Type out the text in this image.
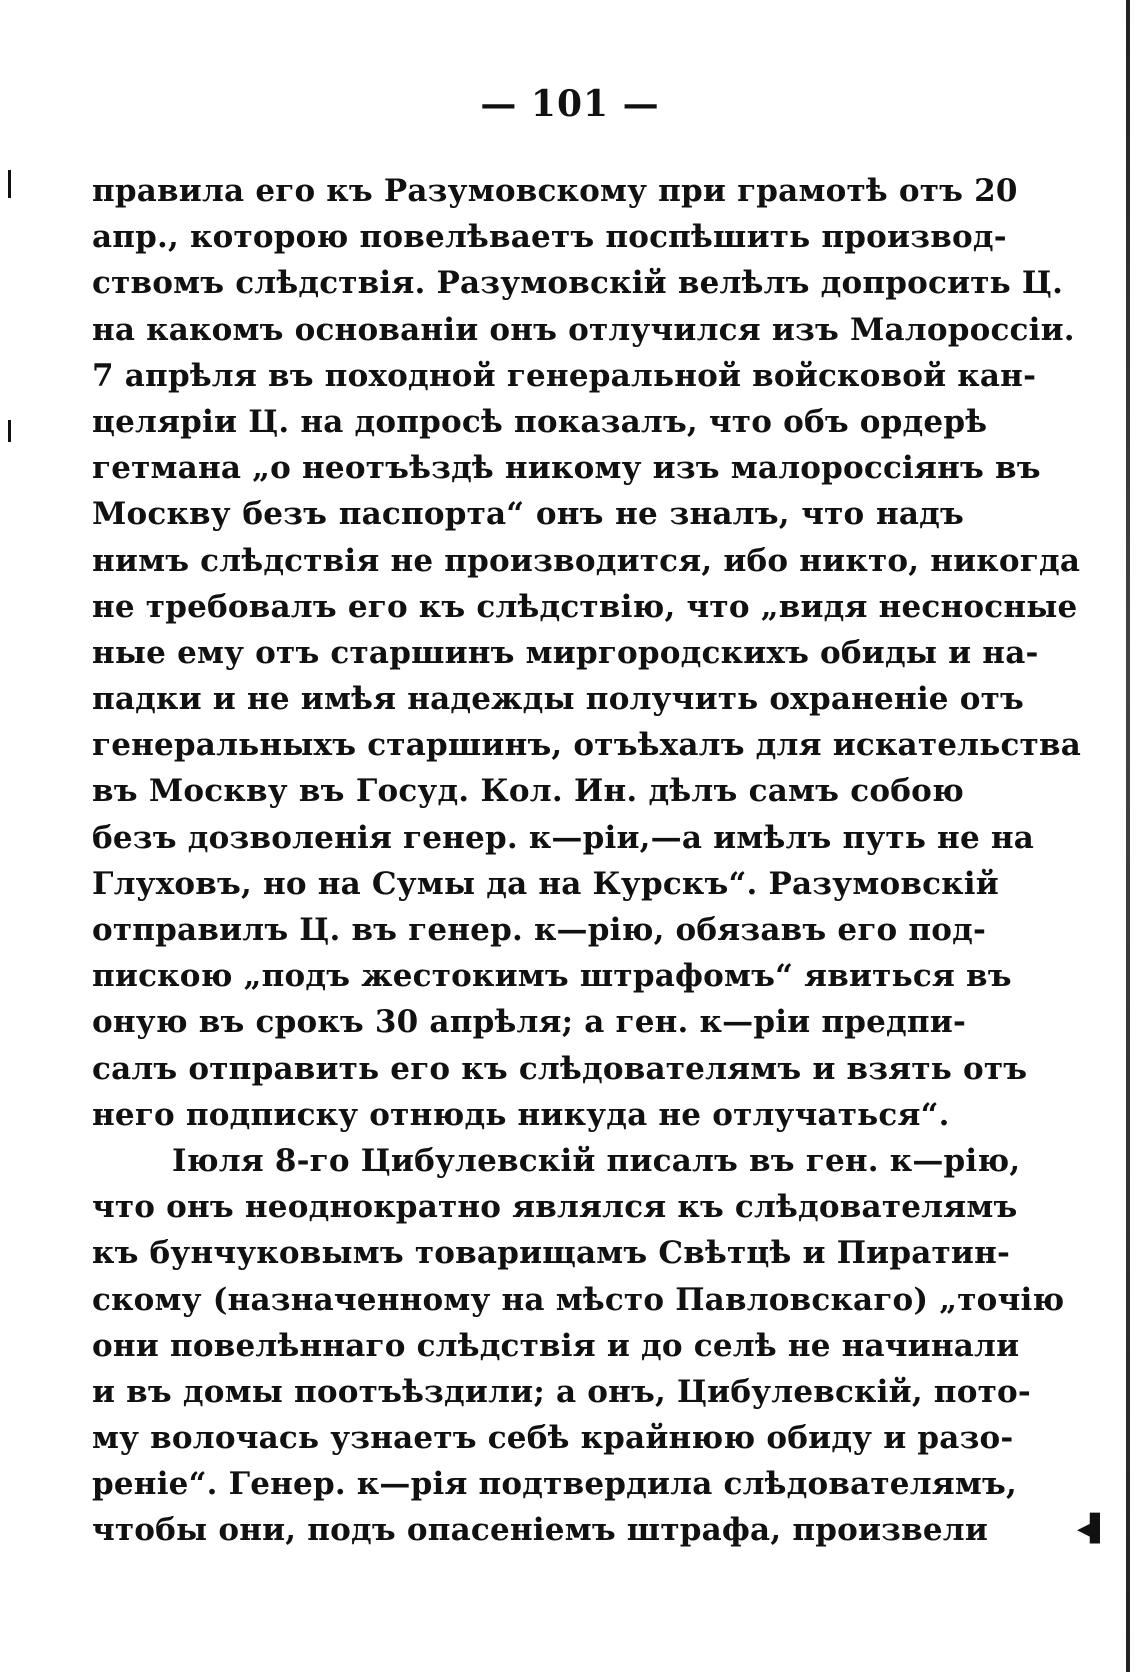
◂▌
— 101 —
правила его къ Разумовскому при грамотѣ отъ 20
апр., которою повелѣваетъ поспѣшить производ-
ствомъ слѣдствія. Разумовскій велѣлъ допросить Ц.
на какомъ основаніи онъ отлучился изъ Малороссіи.
7 апрѣля въ походной генеральной войсковой кан-
целяріи Ц. на допросѣ показалъ, что объ ордерѣ
гетмана „о неотъѣздѣ никому изъ малороссіянъ въ
Москву безъ паспорта“ онъ не зналъ, что надъ
нимъ слѣдствія не производится, ибо никто, никогда
не требовалъ его къ слѣдствію, что „видя несносные
ные ему отъ старшинъ миргородскихъ обиды и на-
падки и не имѣя надежды получить охраненіе отъ
генеральныхъ старшинъ, отъѣхалъ для искательства
въ Москву въ Госуд. Кол. Ин. дѣлъ самъ собою
безъ дозволенія генер. к—ріи,—а имѣлъ путь не на
Глуховъ, но на Сумы да на Курскъ“. Разумовскій
отправилъ Ц. въ генер. к—рію, обязавъ его под-
пискою „подъ жестокимъ штрафомъ“ явиться въ
оную въ срокъ 30 апрѣля; а ген. к—ріи предпи-
салъ отправить его къ слѣдователямъ и взять отъ
него подписку отнюдь никуда не отлучаться“.
Іюля 8-го Цибулевскій писалъ въ ген. к—рію,
что онъ неоднократно являлся къ слѣдователямъ
къ бунчуковымъ товарищамъ Свѣтцѣ и Пиратин-
скому (назначенному на мѣсто Павловскаго) „точію
они повелѣннаго слѣдствія и до селѣ не начинали
и въ домы поотъѣздили; а онъ, Цибулевскій, пото-
му волочась узнаетъ себѣ крайнюю обиду и разо-
реніе“. Генер. к—рія подтвердила слѣдователямъ,
чтобы они, подъ опасеніемъ штрафа, произвели
